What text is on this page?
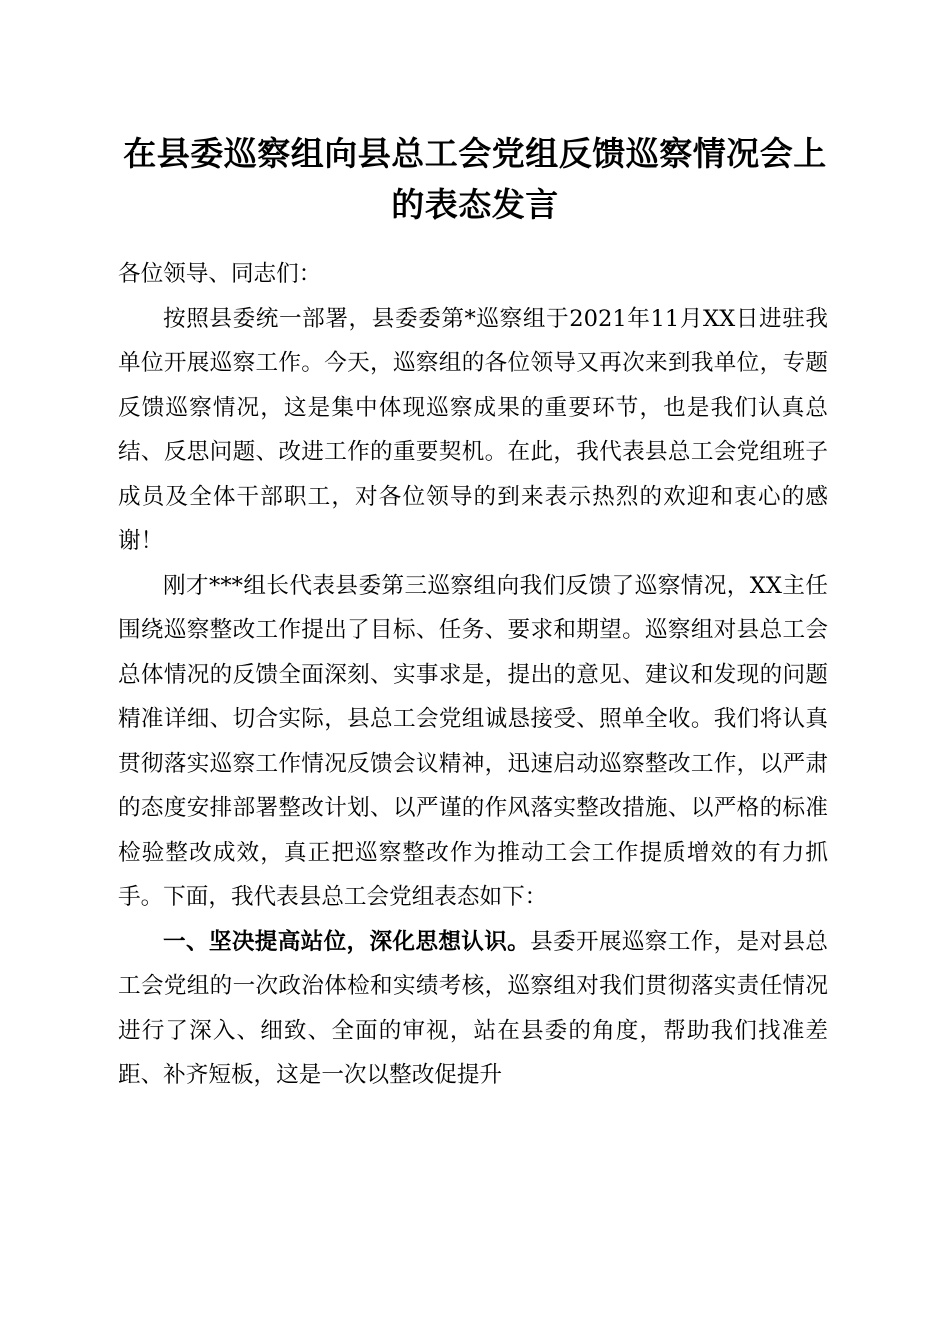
在县委巡察组向县总工会党组反馈巡察情况会上的表态发言

各位领导、同志们：

按照县委统一部署，县委委第*巡察组于2021年11月XX日进驻我单位开展巡察工作。今天，巡察组的各位领导又再次来到我单位，专题反馈巡察情况，这是集中体现巡察成果的重要环节，也是我们认真总结、反思问题、改进工作的重要契机。在此，我代表县总工会党组班子成员及全体干部职工，对各位领导的到来表示热烈的欢迎和衷心的感谢！

刚才***组长代表县委第三巡察组向我们反馈了巡察情况，XX主任围绕巡察整改工作提出了目标、任务、要求和期望。巡察组对县总工会总体情况的反馈全面深刻、实事求是，提出的意见、建议和发现的问题精准详细、切合实际，县总工会党组诚恳接受、照单全收。我们将认真贯彻落实巡察工作情况反馈会议精神，迅速启动巡察整改工作，以严肃的态度安排部署整改计划、以严谨的作风落实整改措施、以严格的标准检验整改成效，真正把巡察整改作为推动工会工作提质增效的有力抓手。下面，我代表县总工会党组表态如下：

一、坚决提高站位，深化思想认识。县委开展巡察工作，是对县总工会党组的一次政治体检和实绩考核，巡察组对我们贯彻落实责任情况进行了深入、细致、全面的审视，站在县委的角度，帮助我们找准差距、补齐短板，这是一次以整改促提升
